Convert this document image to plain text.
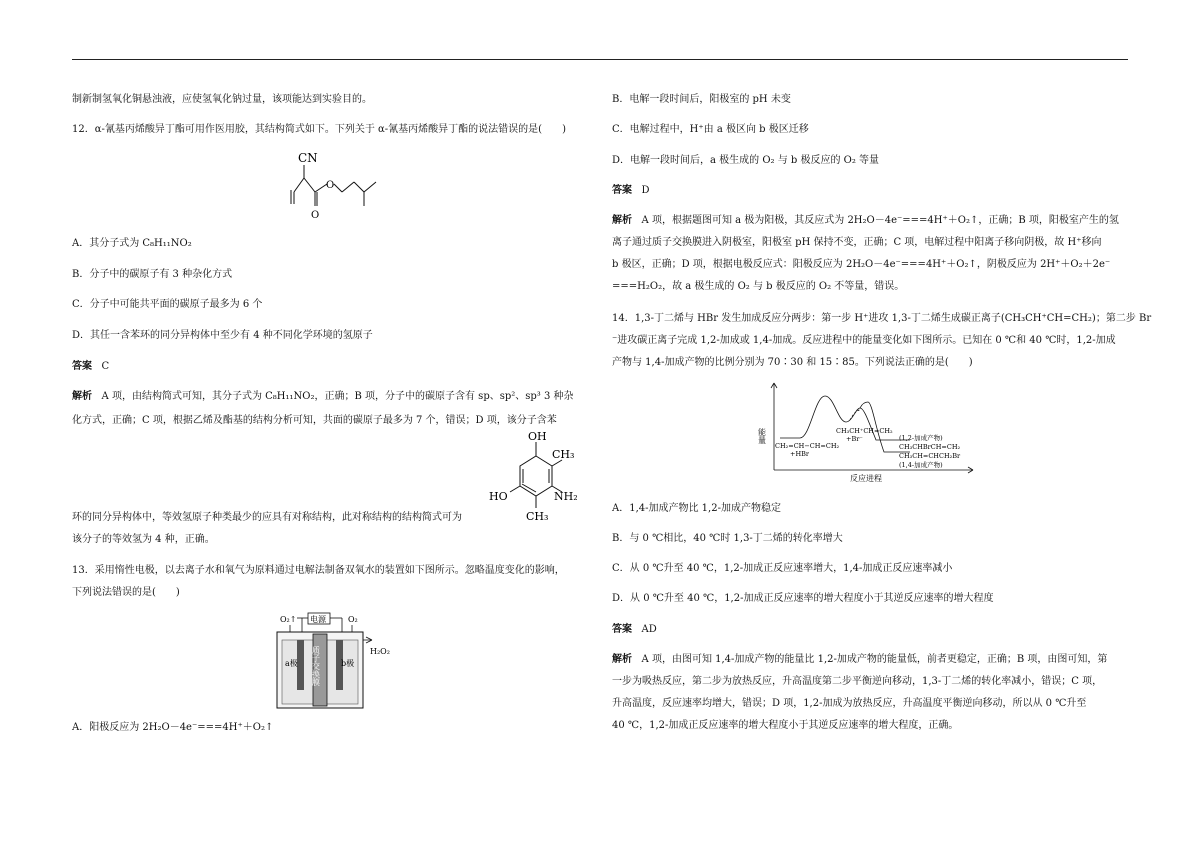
制新制氢氧化铜悬浊液，应使氢氧化钠过量，该项能达到实验目的。

12．α-氰基丙烯酸异丁酯可用作医用胶，其结构简式如下。下列关于 α-氰基丙烯酸异丁酯的说法错误的是(　　)

CN
O
O

A．其分子式为 C₈H₁₁NO₂

B．分子中的碳原子有 3 种杂化方式

C．分子中可能共平面的碳原子最多为 6 个

D．其任一含苯环的同分异构体中至少有 4 种不同化学环境的氢原子

答案 C

解析 A 项，由结构简式可知，其分子式为 C₈H₁₁NO₂，正确；B 项，分子中的碳原子含有 sp、sp²、sp³ 3 种杂

化方式，正确；C 项，根据乙烯及酯基的结构分析可知，共面的碳原子最多为 7 个，错误；D 项，该分子含苯

OH
CH₃
HO	NH₂
CH₃

环的同分异构体中，等效氢原子种类最少的应具有对称结构，此对称结构的结构简式可为

该分子的等效氢为 4 种，正确。

13．采用惰性电极，以去离子水和氧气为原料通过电解法制备双氧水的装置如下图所示。忽略温度变化的影响，

下列说法错误的是(　　)

O₂↑ 电源	O₂
H₂O₂
a极	b极
质子交换膜

A．阳极反应为 2H₂O－4e⁻===4H⁺＋O₂↑

B．电解一段时间后，阳极室的 pH 未变

C．电解过程中，H⁺由 a 极区向 b 极区迁移

D．电解一段时间后，a 极生成的 O₂ 与 b 极反应的 O₂ 等量

答案 D

解析 A 项，根据题图可知 a 极为阳极，其反应式为 2H₂O－4e⁻===4H⁺＋O₂↑，正确；B 项，阳极室产生的氢

离子通过质子交换膜进入阴极室，阳极室 pH 保持不变，正确；C 项，电解过程中阳离子移向阴极，故 H⁺移向

b 极区，正确；D 项，根据电极反应式：阳极反应为 2H₂O－4e⁻===4H⁺＋O₂↑，阴极反应为 2H⁺＋O₂＋2e⁻

===H₂O₂，故 a 极生成的 O₂ 与 b 极反应的 O₂ 不等量，错误。

14．1,3-丁二烯与 HBr 发生加成反应分两步：第一步 H⁺进攻 1,3-丁二烯生成碳正离子(CH₃CH⁺CH=CH₂)；第二步 Br

⁻进攻碳正离子完成 1,2-加成或 1,4-加成。反应进程中的能量变化如下图所示。已知在 0 ℃和 40 ℃时，1,2-加成

产物与 1,4-加成产物的比例分别为 70∶30 和 15∶85。下列说法正确的是(　　)

能量
反应进程
CH₂=CH−CH=CH₂
+HBr
CH₃CH⁺CH=CH₂
+Br⁻	(1,2-加成产物)
CH₃CHBrCH=CH₂
CH₃CH=CHCH₂Br
(1,4-加成产物)

A．1,4-加成产物比 1,2-加成产物稳定

B．与 0 ℃相比，40 ℃时 1,3-丁二烯的转化率增大

C．从 0 ℃升至 40 ℃，1,2-加成正反应速率增大，1,4-加成正反应速率减小

D．从 0 ℃升至 40 ℃，1,2-加成正反应速率的增大程度小于其逆反应速率的增大程度

答案 AD

解析 A 项，由图可知 1,4-加成产物的能量比 1,2-加成产物的能量低，前者更稳定，正确；B 项，由图可知，第

一步为吸热反应，第二步为放热反应，升高温度第二步平衡逆向移动，1,3-丁二烯的转化率减小，错误；C 项，

升高温度，反应速率均增大，错误；D 项，1,2-加成为放热反应，升高温度平衡逆向移动，所以从 0 ℃升至

40 ℃，1,2-加成正反应速率的增大程度小于其逆反应速率的增大程度，正确。
